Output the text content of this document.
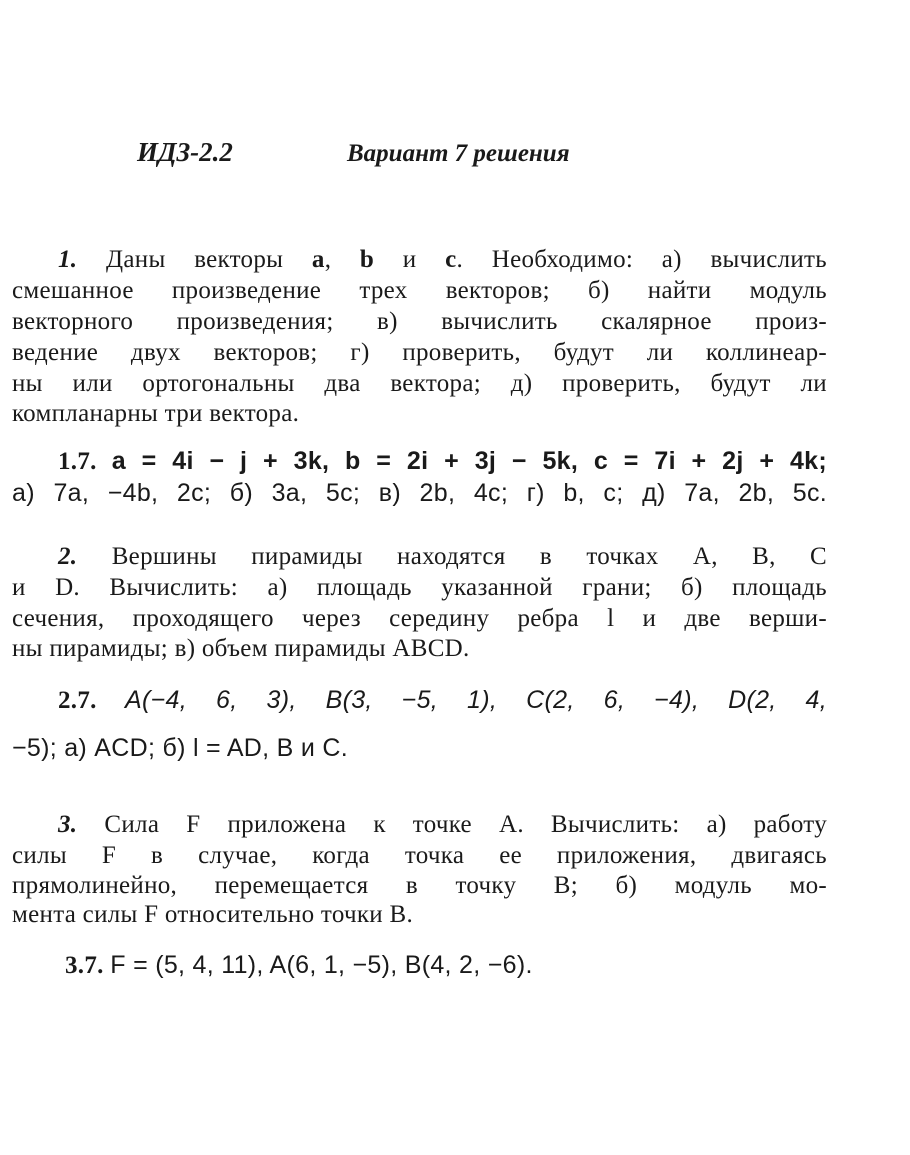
ИДЗ-2.2	Вариант 7 решения
1. Даны векторы a, b и c. Необходимо: а) вычислить
смешанное произведение трех векторов; б) найти модуль
векторного произведения; в) вычислить скалярное произ-
ведение двух векторов; г) проверить, будут ли коллинеар-
ны или ортогональны два вектора; д) проверить, будут ли
компланарны три вектора.
1.7. a = 4i − j + 3k, b = 2i + 3j − 5k, c = 7i + 2j + 4k;
а) 7a, −4b, 2c; б) 3a, 5c; в) 2b, 4c; г) b, c; д) 7a, 2b, 5c.
2. Вершины пирамиды находятся в точках A, B, C
и D. Вычислить: а) площадь указанной грани; б) площадь
сечения, проходящего через середину ребра l и две верши-
ны пирамиды; в) объем пирамиды ABCD.
2.7. A(−4, 6, 3), B(3, −5, 1), C(2, 6, −4), D(2, 4,
−5); а) ACD; б) l = AD, B и C.
3. Сила F приложена к точке A. Вычислить: а) работу
силы F в случае, когда точка ее приложения, двигаясь
прямолинейно, перемещается в точку B; б) модуль мо-
мента силы F относительно точки B.
3.7. F = (5, 4, 11), A(6, 1, −5), B(4, 2, −6).
